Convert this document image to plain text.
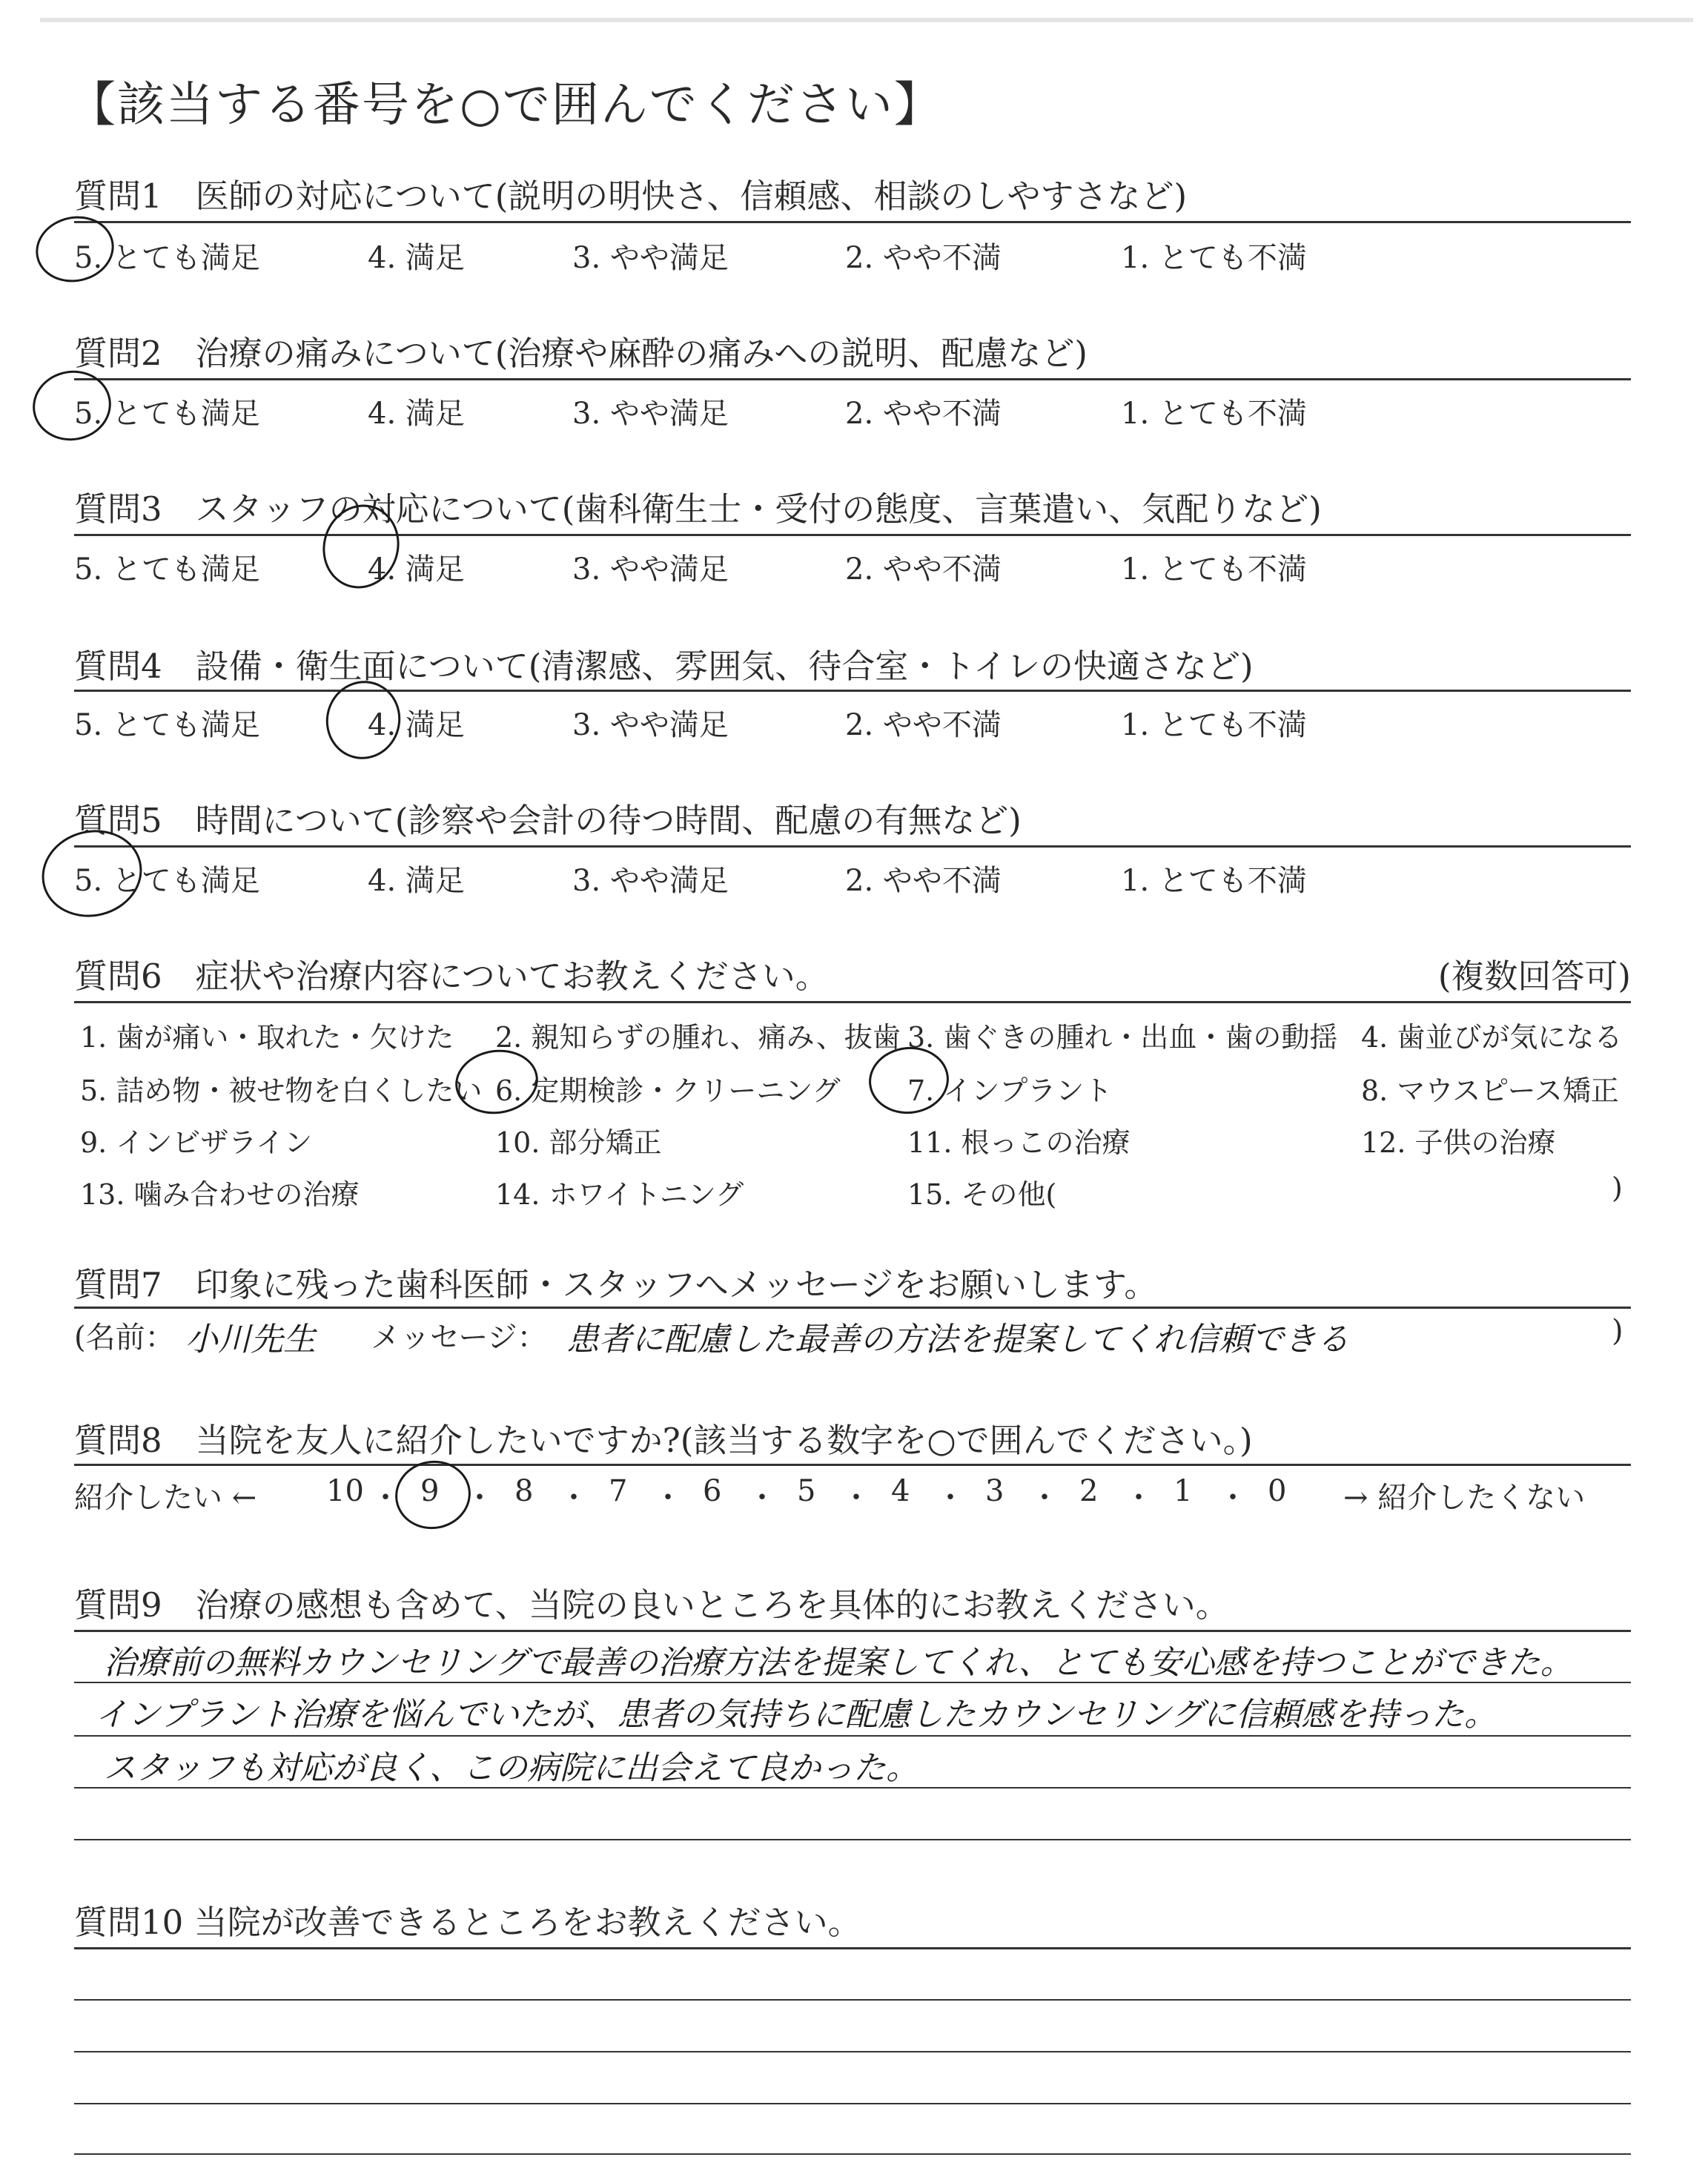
【該当する番号を○で囲んでください】
質問1　医師の対応について(説明の明快さ、信頼感、相談のしやすさなど)
5. とても満足	4. 満足	3. やや満足	2. やや不満	1. とても不満
質問2　治療の痛みについて(治療や麻酔の痛みへの説明、配慮など)
5. とても満足	4. 満足	3. やや満足	2. やや不満	1. とても不満
質問3　スタッフの対応について(歯科衛生士・受付の態度、言葉遣い、気配りなど)
5. とても満足	4. 満足	3. やや満足	2. やや不満	1. とても不満
質問4　設備・衛生面について(清潔感、雰囲気、待合室・トイレの快適さなど)
5. とても満足	4. 満足	3. やや満足	2. やや不満	1. とても不満
質問5　時間について(診察や会計の待つ時間、配慮の有無など)
5. とても満足	4. 満足	3. やや満足	2. やや不満	1. とても不満
質問6　症状や治療内容についてお教えください。	(複数回答可)
1. 歯が痛い・取れた・欠けた 2. 親知らずの腫れ、痛み、抜歯 3. 歯ぐきの腫れ・出血・歯の動揺 4. 歯並びが気になる
5. 詰め物・被せ物を白くしたい 6. 定期検診・クリーニング 7. インプラント	8. マウスピース矯正
9. インビザライン	10. 部分矯正	11. 根っこの治療	12. 子供の治療
13. 噛み合わせの治療	14. ホワイトニング	15. その他(	)
質問7　印象に残った歯科医師・スタッフへメッセージをお願いします。
(名前： 小川先生 メッセージ： 患者に配慮した最善の方法を提案してくれ信頼できる	)
質問8　当院を友人に紹介したいですか?(該当する数字を○で囲んでください。)
紹介したい ←	→ 紹介したくない
10 ・ 9 ・ 8 ・ 7 ・ 6 ・ 5 ・ 4 ・ 3 ・ 2 ・ 1 ・ 0
質問9　治療の感想も含めて、当院の良いところを具体的にお教えください。
治療前の無料カウンセリングで最善の治療方法を提案してくれ、とても安心感を持つことができた。
インプラント治療を悩んでいたが、患者の気持ちに配慮したカウンセリングに信頼感を持った。
スタッフも対応が良く、この病院に出会えて良かった。
質問10 当院が改善できるところをお教えください。
